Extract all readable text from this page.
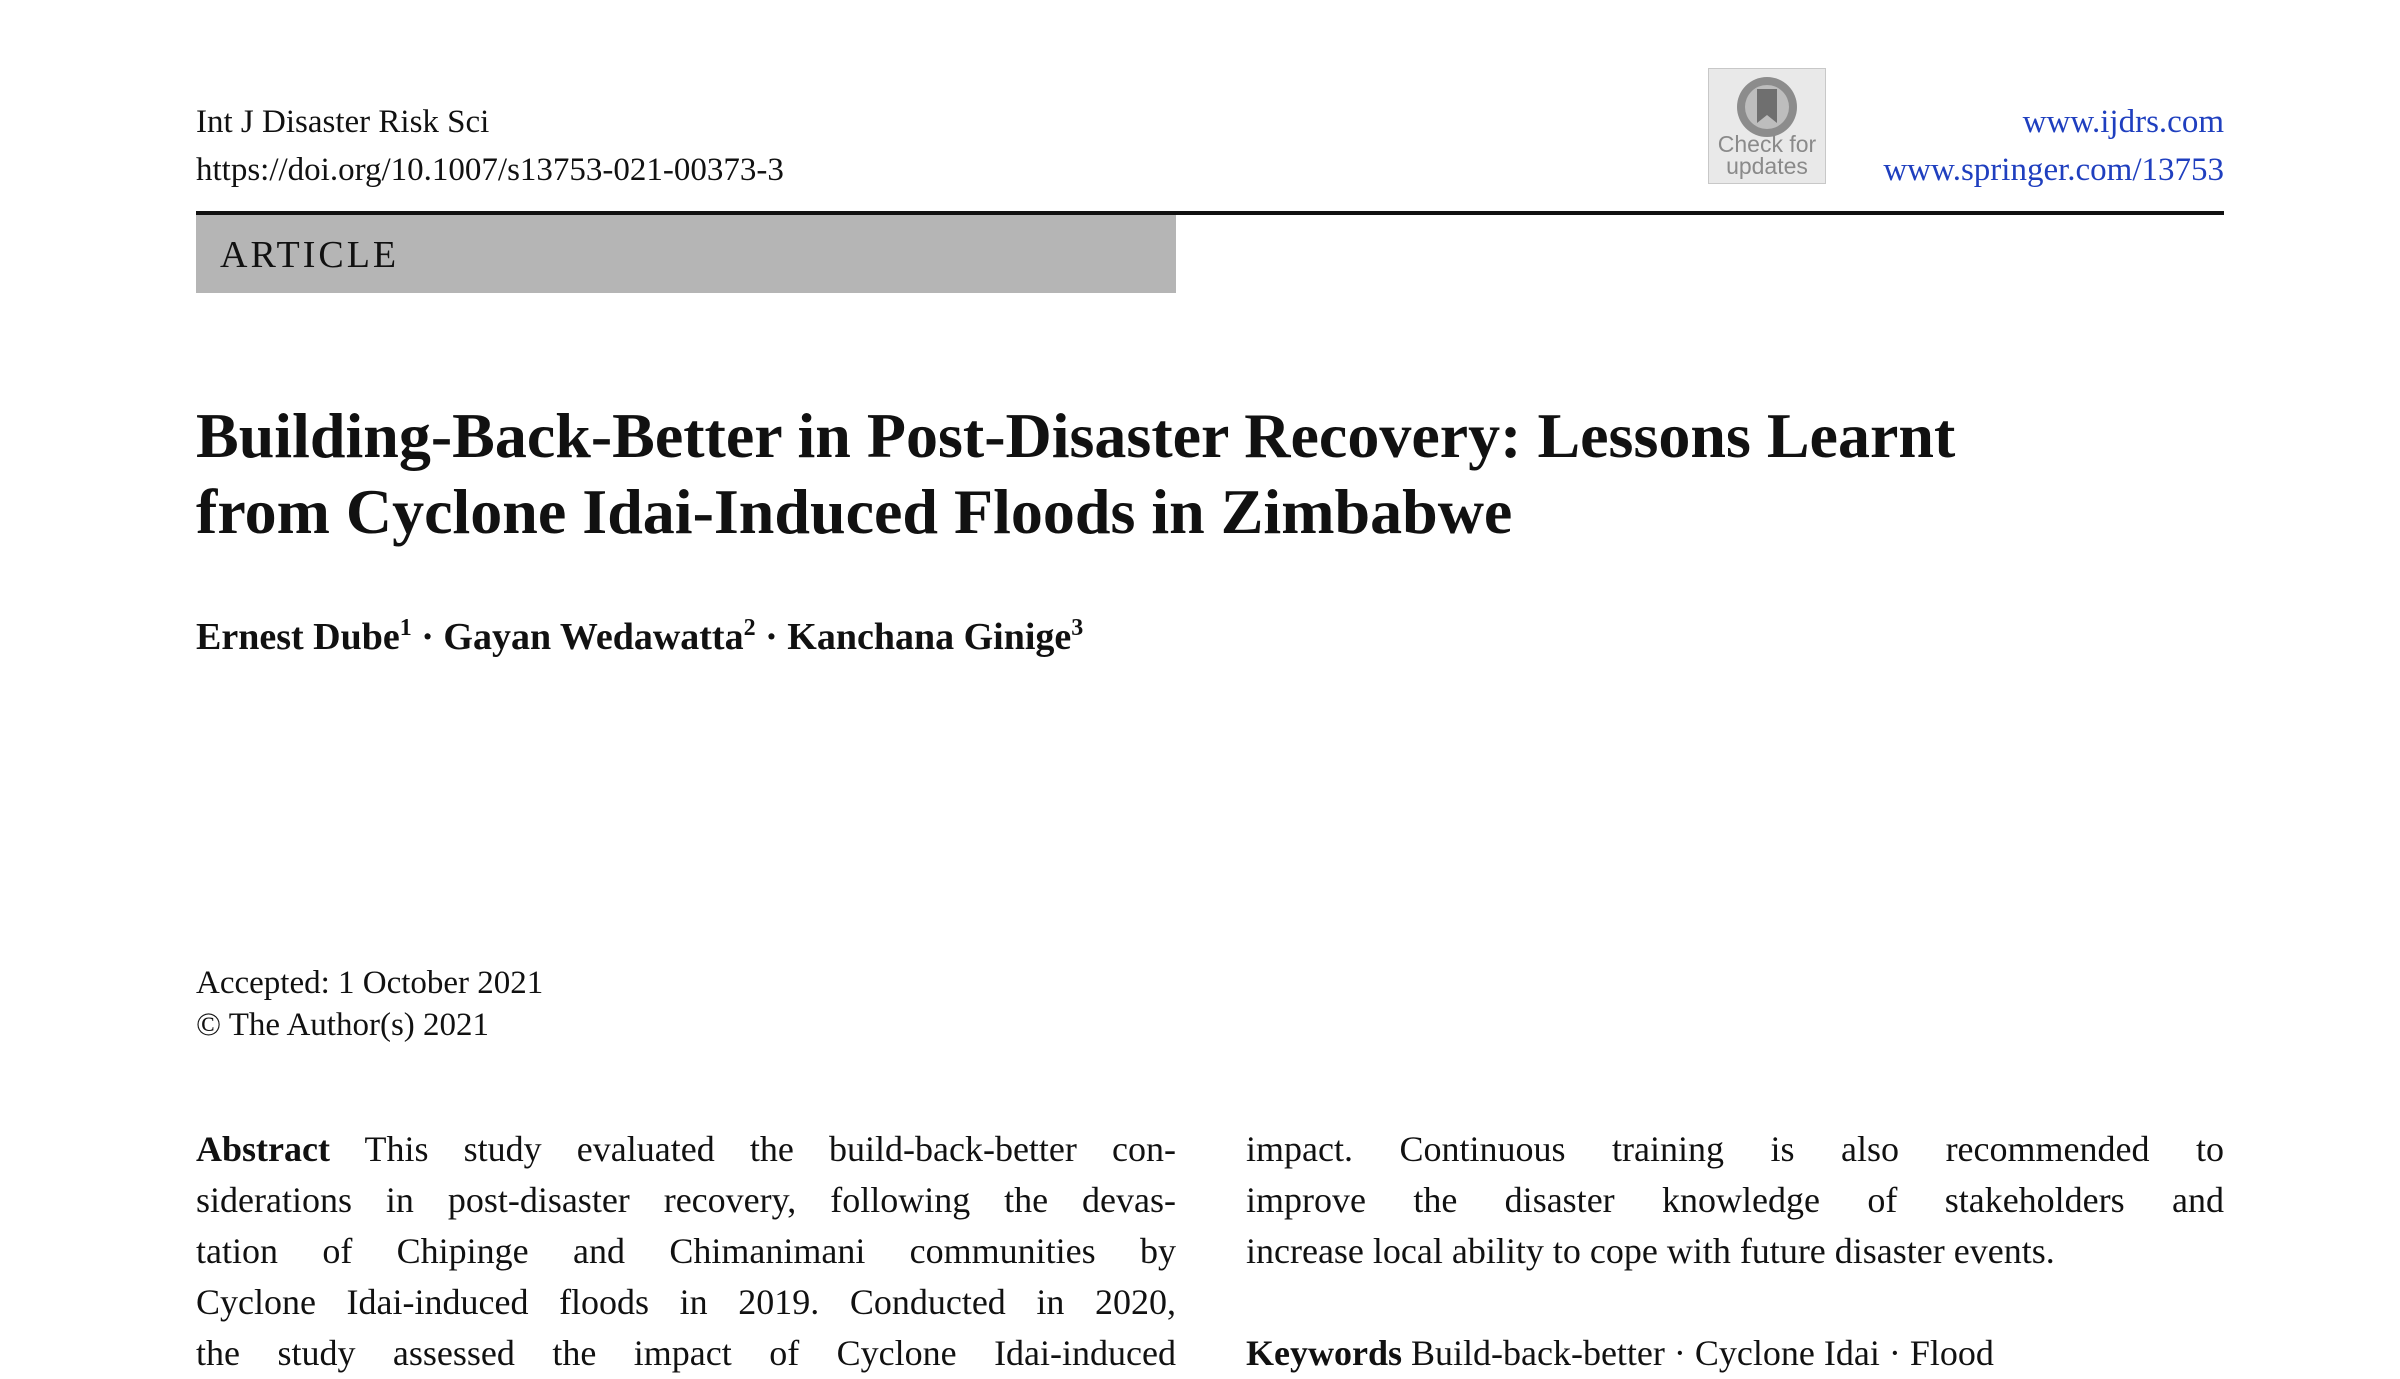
Int J Disaster Risk Sci
https://doi.org/10.1007/s13753-021-00373-3
Check for
updates
www.ijdrs.com
www.springer.com/13753
ARTICLE
Building-Back-Better in Post-Disaster Recovery: Lessons Learnt
from Cyclone Idai-Induced Floods in Zimbabwe
Ernest Dube$^1$ · Gayan Wedawatta$^2$ · Kanchana Ginige$^3$
Accepted: 1 October 2021
© The Author(s) 2021
Abstract This study evaluated the build-back-better con-
siderations in post-disaster recovery, following the devas-
tation of Chipinge and Chimanimani communities by
Cyclone Idai-induced floods in 2019. Conducted in 2020,
the study assessed the impact of Cyclone Idai-induced
impact. Continuous training is also recommended to
improve the disaster knowledge of stakeholders and
increase local ability to cope with future disaster events.
Keywords Build-back-better · Cyclone Idai · Flood
